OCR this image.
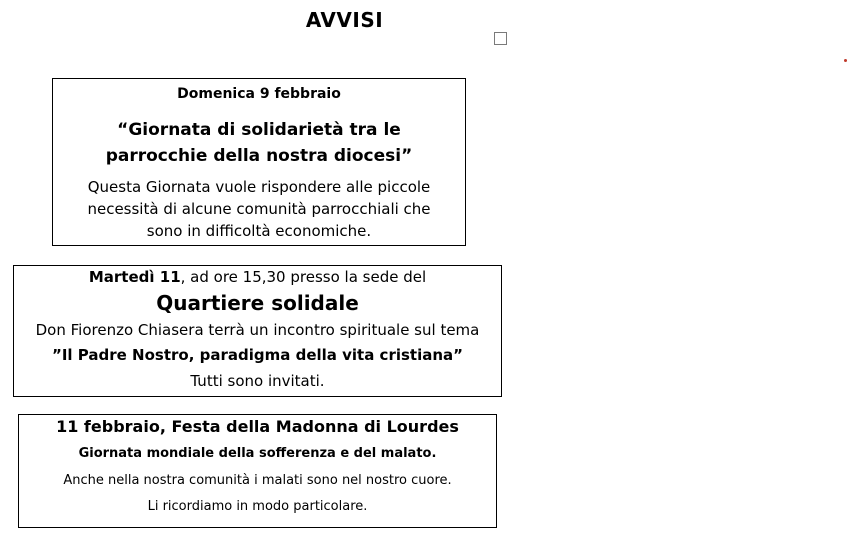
AVVISI
Domenica 9 febbraio
“Giornata di solidarietà tra le
parrocchie della nostra diocesi”
Questa Giornata vuole rispondere alle piccole
necessità di alcune comunità parrocchiali che
sono in difficoltà economiche.
Martedì 11, ad ore 15,30 presso la sede del
Quartiere solidale
Don Fiorenzo Chiasera terrà un incontro spirituale sul tema
”Il Padre Nostro, paradigma della vita cristiana”
Tutti sono invitati.
11 febbraio, Festa della Madonna di Lourdes
Giornata mondiale della sofferenza e del malato.
Anche nella nostra comunità i malati sono nel nostro cuore.
Li ricordiamo in modo particolare.
